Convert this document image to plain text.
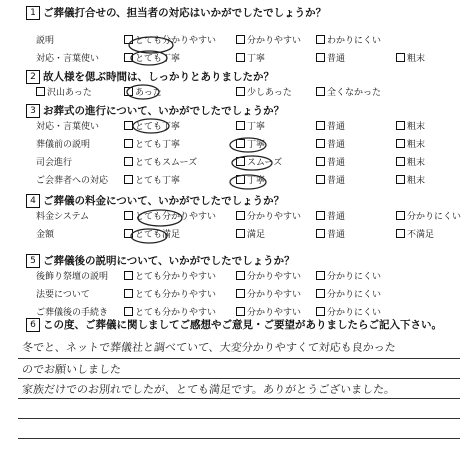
1 ご葬儀打合せの、担当者の対応はいかがでしたでしょうか？
説明	とても分かりやすい	分かりやすい	わかりにくい
対応・言葉使い	とても丁寧	丁寧	普通	粗末
2 故人様を偲ぶ時間は、しっかりとありましたか？
沢山あった	あった	少しあった	全くなかった
3 お葬式の進行について、いかがでしたでしょうか？
対応・言葉使い	とても丁寧	丁寧	普通	粗末
葬儀前の説明	とても丁寧	丁寧	普通	粗末
司会進行	とてもスムーズ	スムーズ	普通	粗末
ご会葬者への対応	とても丁寧	丁寧	普通	粗末
4 ご葬儀の料金について、いかがでしたでしょうか？
料金システム	とても分かりやすい	分かりやすい	普通	分かりにくい
金額	とても満足	満足	普通	不満足
5 ご葬儀後の説明について、いかがでしたでしょうか？
後飾り祭壇の説明	とても分かりやすい	分かりやすい	分かりにくい
法要について	とても分かりやすい	分かりやすい	分かりにくい
ご葬儀後の手続き	とても分かりやすい	分かりやすい	分かりにくい
6 この度、ご葬儀に関しましてご感想やご意見・ご要望がありましたらご記入下さい。
冬でと、ネットで葬儀社と調べていて、大変分かりやすくて対応も良かった
のでお願いしました
家族だけでのお別れでしたが、とても満足です。ありがとうございました。
